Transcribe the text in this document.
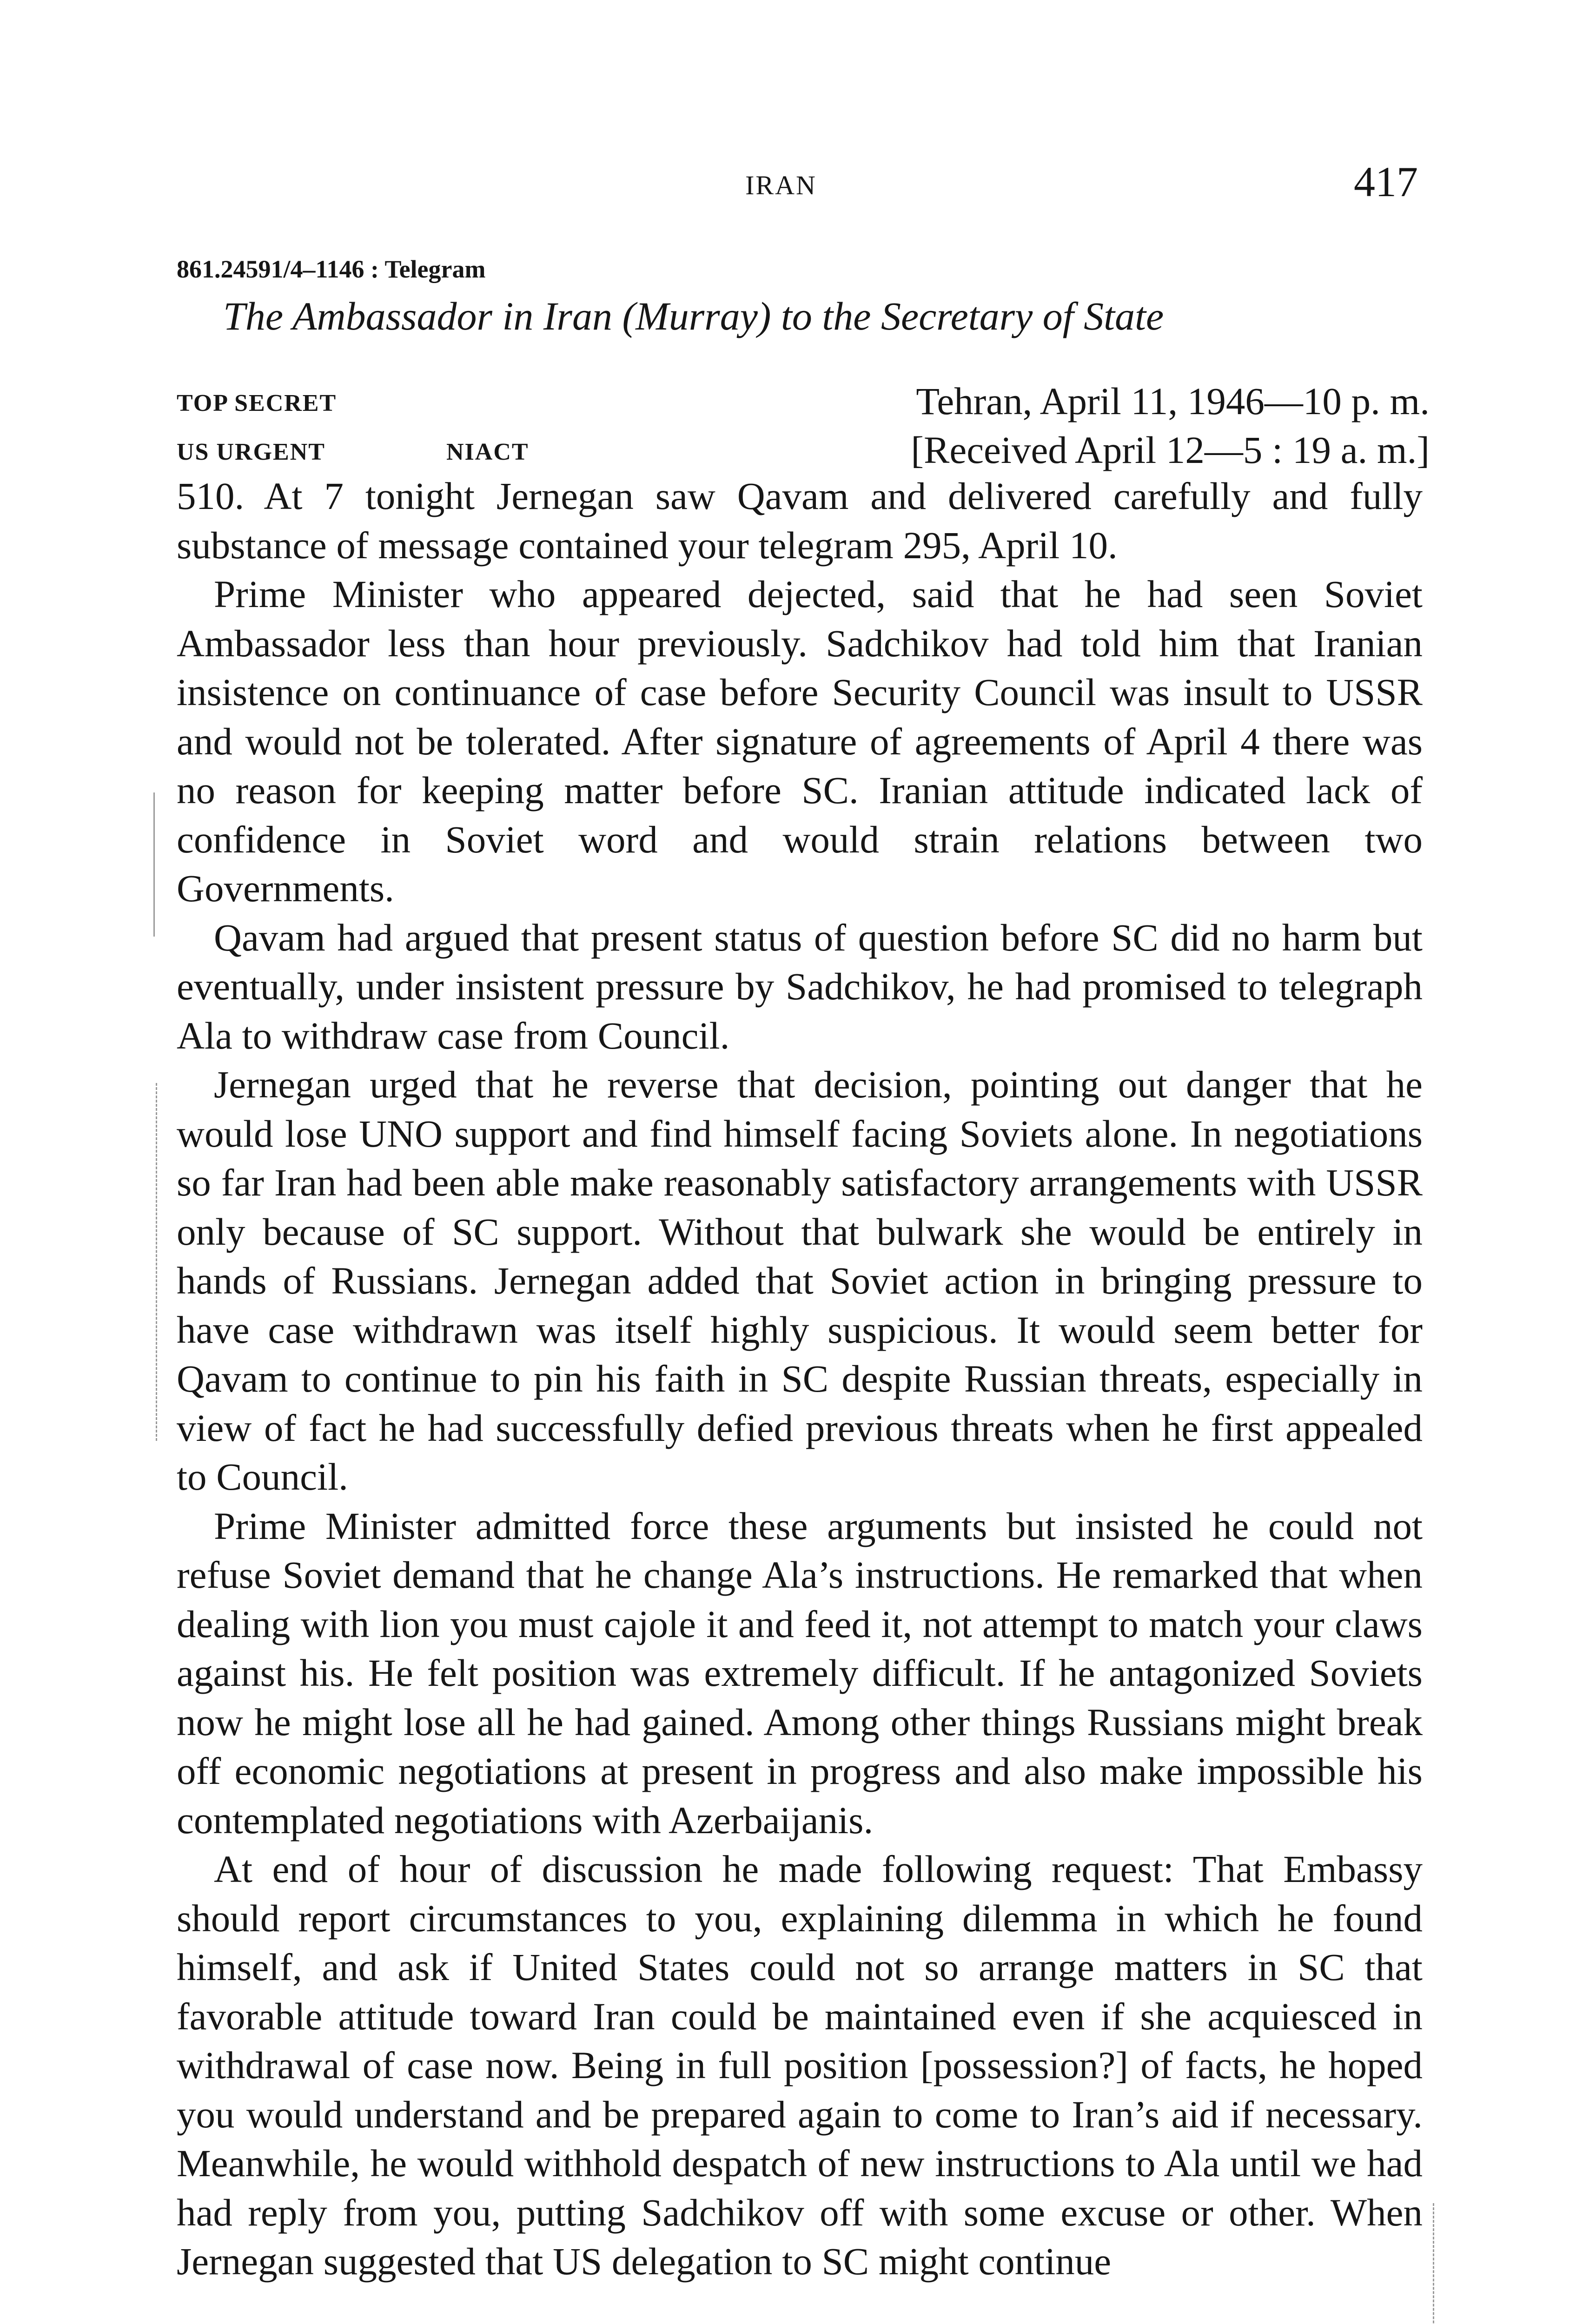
IRAN	417
861.24591/4–1146 : Telegram
The Ambassador in Iran (Murray) to the Secretary of State
TOP SECRET	Tehran, April 11, 1946—10 p. m.
US URGENT	NIACT	[Received April 12—5 : 19 a. m.]

510. At 7 tonight Jernegan saw Qavam and delivered carefully and fully substance of message contained your telegram 295, April 10.

Prime Minister who appeared dejected, said that he had seen Soviet Ambassador less than hour previously. Sadchikov had told him that Iranian insistence on continuance of case before Security Council was insult to USSR and would not be tolerated. After signature of agreements of April 4 there was no reason for keeping matter before SC. Iranian attitude indicated lack of confidence in Soviet word and would strain relations between two Governments.

Qavam had argued that present status of question before SC did no harm but eventually, under insistent pressure by Sadchikov, he had promised to telegraph Ala to withdraw case from Council.

Jernegan urged that he reverse that decision, pointing out danger that he would lose UNO support and find himself facing Soviets alone. In negotiations so far Iran had been able make reasonably satisfactory arrangements with USSR only because of SC support. Without that bulwark she would be entirely in hands of Russians. Jernegan added that Soviet action in bringing pressure to have case withdrawn was itself highly suspicious. It would seem better for Qavam to continue to pin his faith in SC despite Russian threats, especially in view of fact he had successfully defied previous threats when he first appealed to Council.

Prime Minister admitted force these arguments but insisted he could not refuse Soviet demand that he change Ala’s instructions. He remarked that when dealing with lion you must cajole it and feed it, not attempt to match your claws against his. He felt position was extremely difficult. If he antagonized Soviets now he might lose all he had gained. Among other things Russians might break off economic negotiations at present in progress and also make impossible his contemplated negotiations with Azerbaijanis.

At end of hour of discussion he made following request: That Embassy should report circumstances to you, explaining dilemma in which he found himself, and ask if United States could not so arrange matters in SC that favorable attitude toward Iran could be maintained even if she acquiesced in withdrawal of case now. Being in full position [possession?] of facts, he hoped you would understand and be prepared again to come to Iran’s aid if necessary. Meanwhile, he would withhold despatch of new instructions to Ala until we had had reply from you, putting Sadchikov off with some excuse or other. When Jernegan suggested that US delegation to SC might continue
